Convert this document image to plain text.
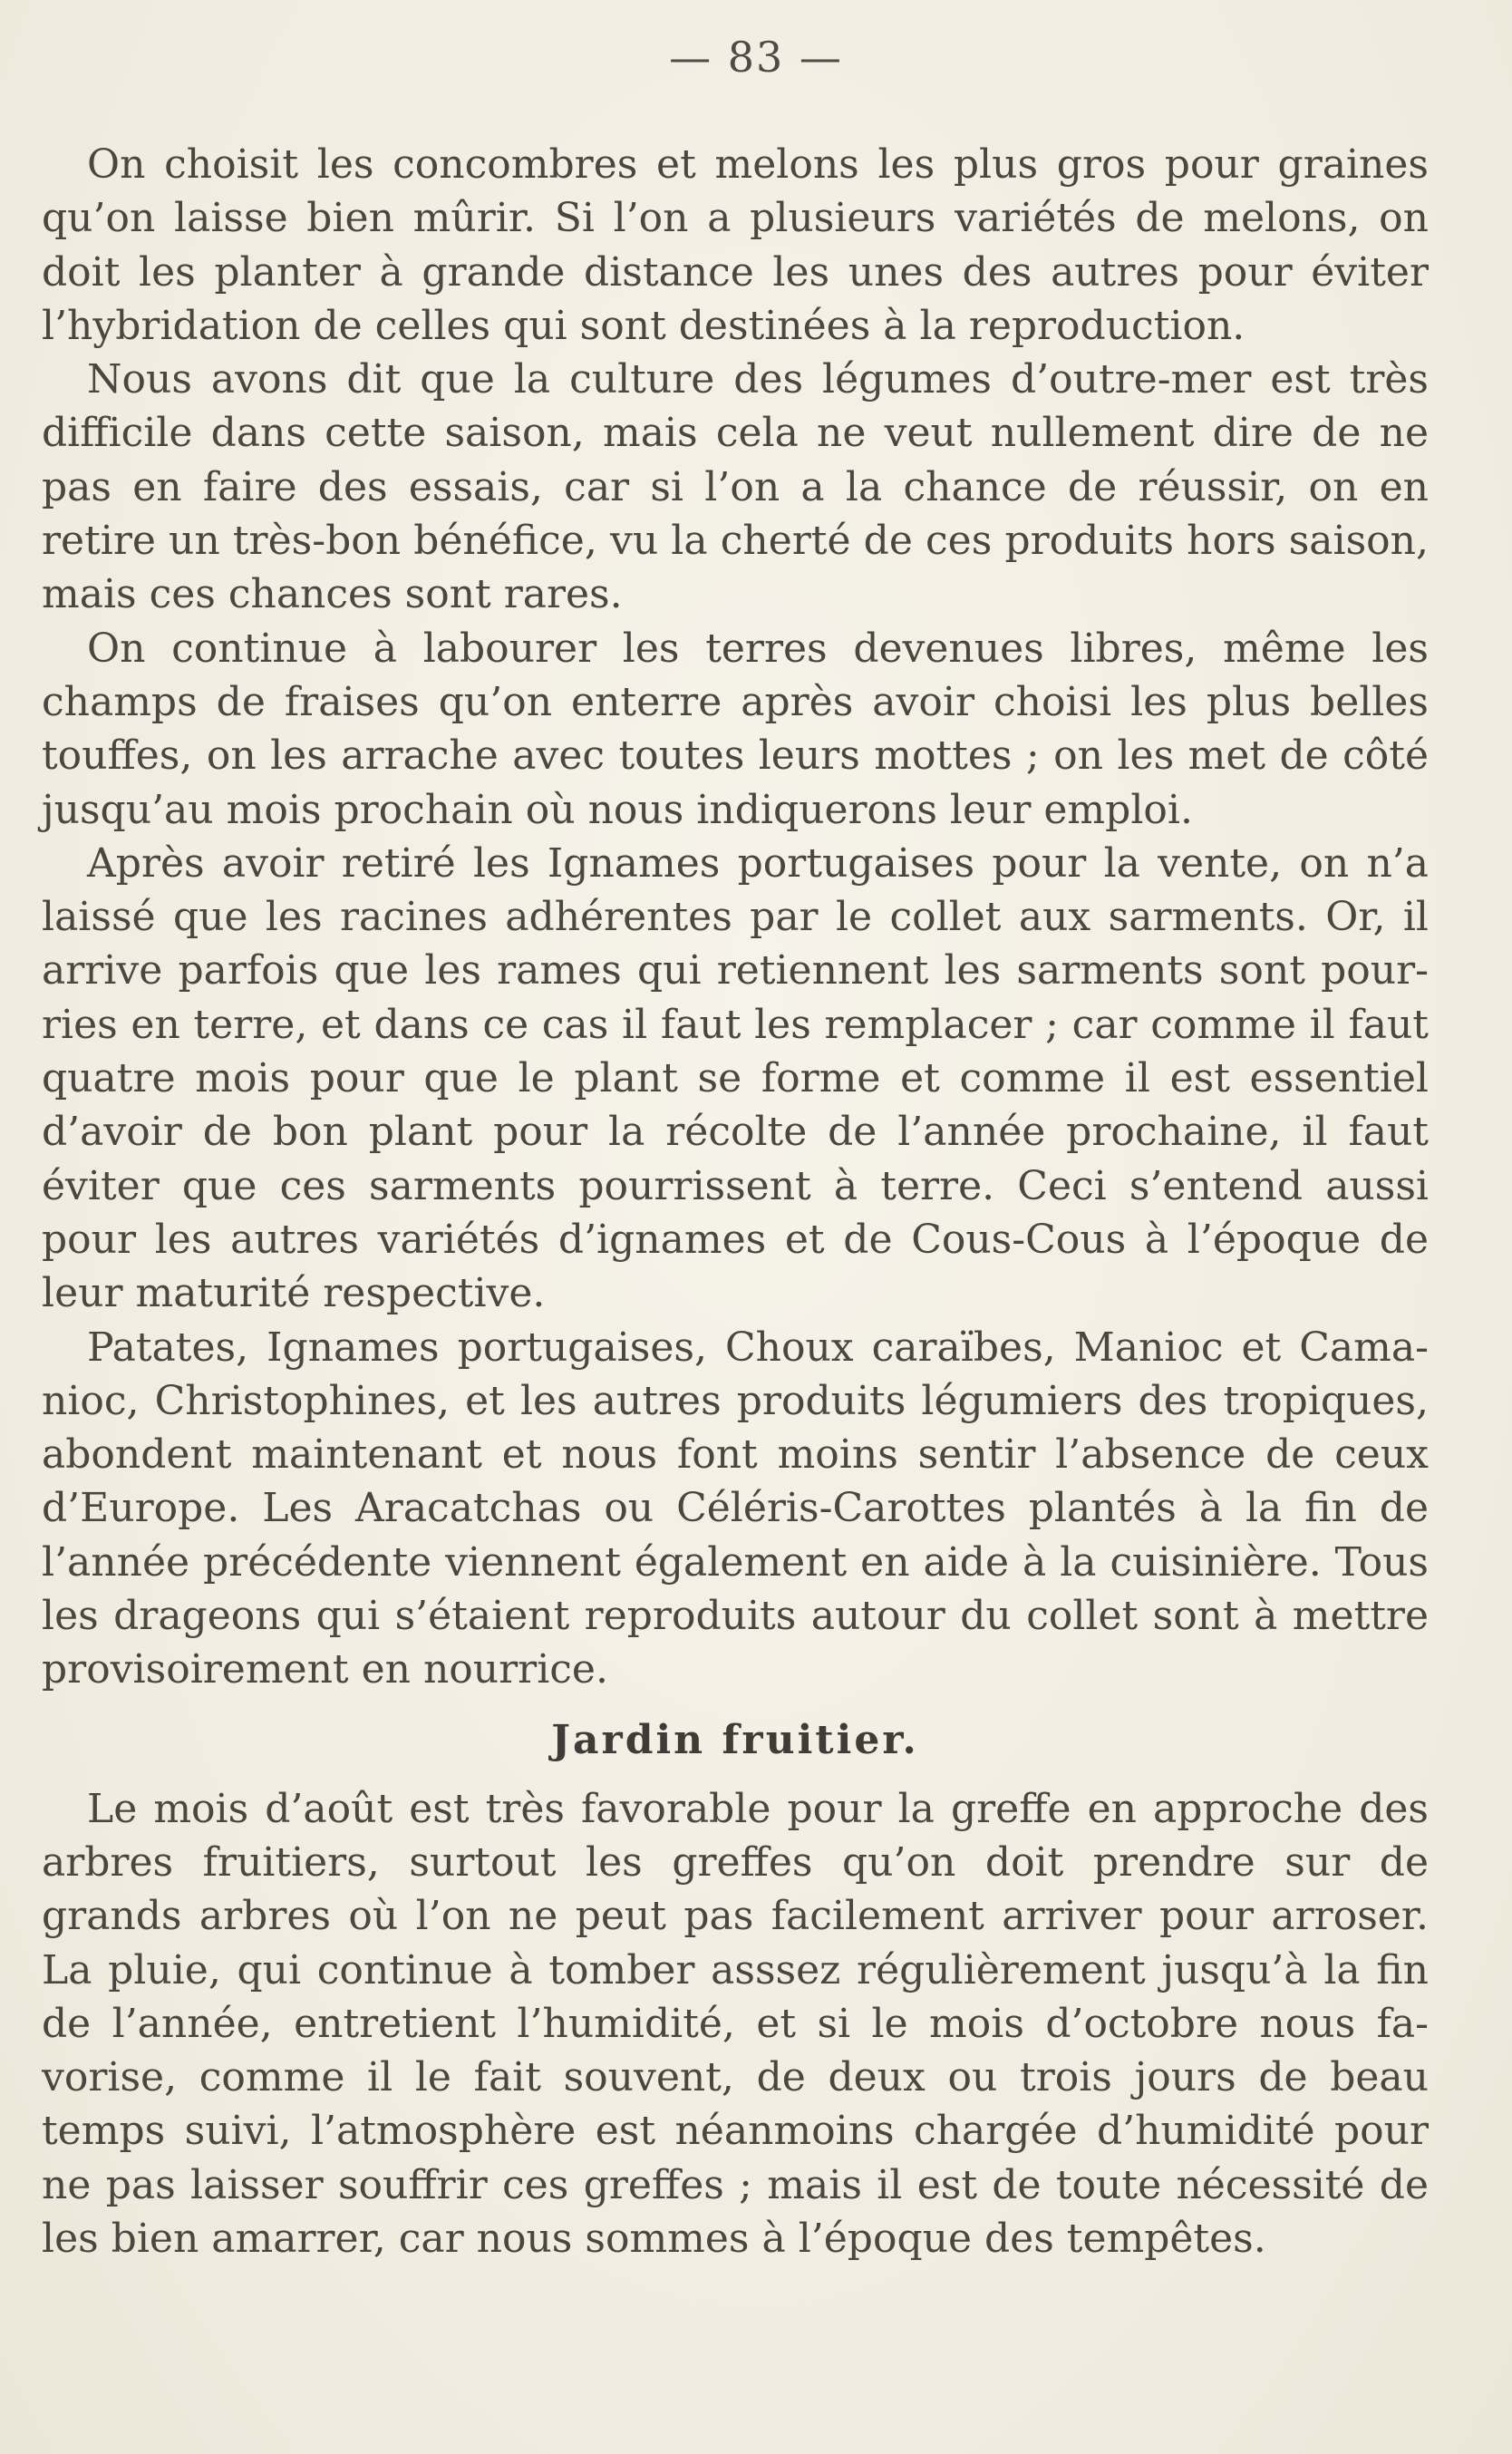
— 83 —

On choisit les concombres et melons les plus gros pour graines qu’on laisse bien mûrir. Si l’on a plusieurs variétés de melons, on doit les planter à grande distance les unes des autres pour éviter l’hybridation de celles qui sont destinées à la reproduction.

Nous avons dit que la culture des légumes d’outre-mer est très difficile dans cette saison, mais cela ne veut nullement dire de ne pas en faire des essais, car si l’on a la chance de réussir, on en retire un très-bon bénéfice, vu la cherté de ces produits hors saison, mais ces chances sont rares.

On continue à labourer les terres devenues libres, même les champs de fraises qu’on enterre après avoir choisi les plus belles touffes, on les arrache avec toutes leurs mottes ; on les met de côté jusqu’au mois prochain où nous indiquerons leur emploi.

Après avoir retiré les Ignames portugaises pour la vente, on n’a laissé que les racines adhérentes par le collet aux sarments. Or, il arrive parfois que les rames qui retiennent les sarments sont pourries en terre, et dans ce cas il faut les remplacer ; car comme il faut quatre mois pour que le plant se forme et comme il est essentiel d’avoir de bon plant pour la récolte de l’année prochaine, il faut éviter que ces sarments pourrissent à terre. Ceci s’entend aussi pour les autres variétés d’ignames et de Cous-Cous à l’époque de leur maturité respective.

Patates, Ignames portugaises, Choux caraïbes, Manioc et Camanioc, Christophines, et les autres produits légumiers des tropiques, abondent maintenant et nous font moins sentir l’absence de ceux d’Europe. Les Aracatchas ou Céléris-Carottes plantés à la fin de l’année précédente viennent également en aide à la cuisinière. Tous les drageons qui s’étaient reproduits autour du collet sont à mettre provisoirement en nourrice.

Jardin fruitier.

Le mois d’août est très favorable pour la greffe en approche des arbres fruitiers, surtout les greffes qu’on doit prendre sur de grands arbres où l’on ne peut pas facilement arriver pour arroser. La pluie, qui continue à tomber asssez régulièrement jusqu’à la fin de l’année, entretient l’humidité, et si le mois d’octobre nous favorise, comme il le fait souvent, de deux ou trois jours de beau temps suivi, l’atmosphère est néanmoins chargée d’humidité pour ne pas laisser souffrir ces greffes ; mais il est de toute nécessité de les bien amarrer, car nous sommes à l’époque des tempêtes.
